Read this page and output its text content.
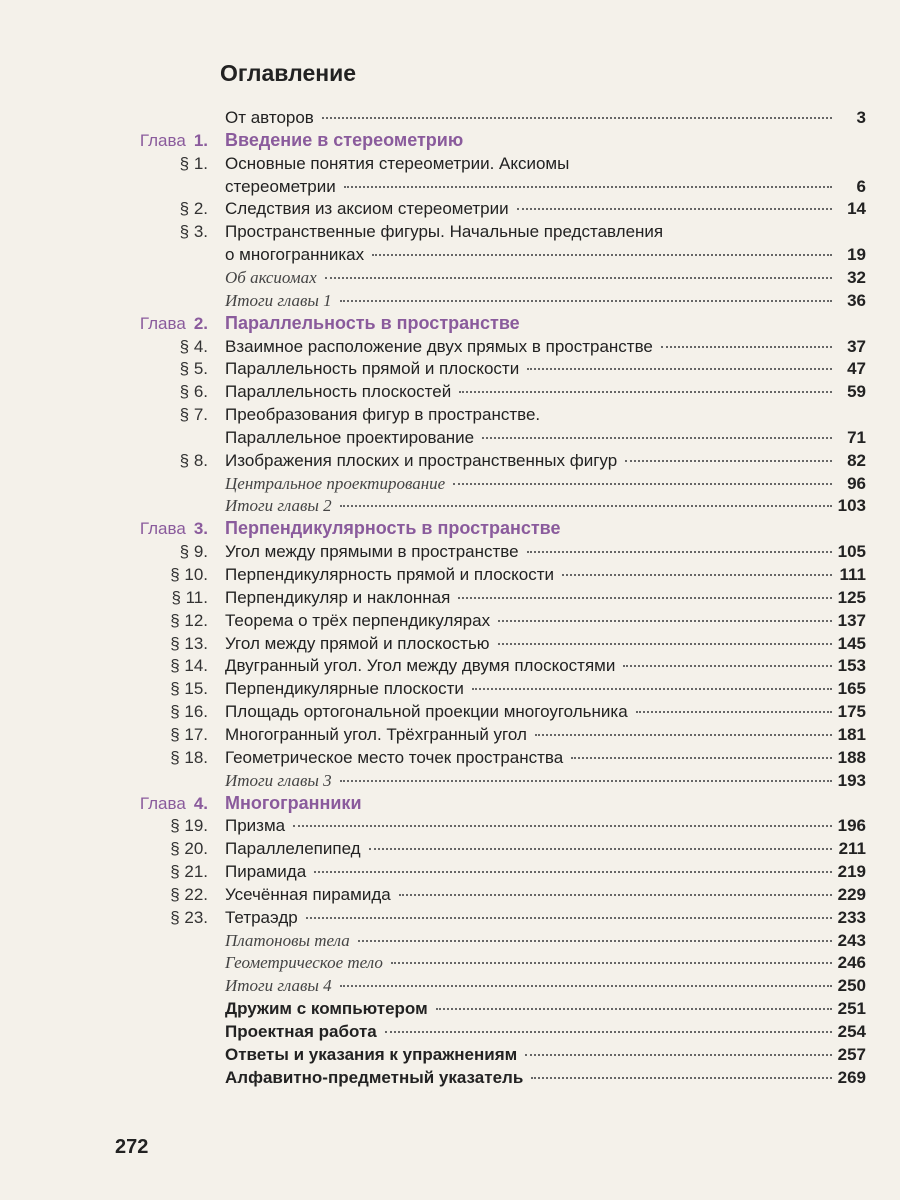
Оглавление
От авторов	3
Глава 1. Введение в стереометрию
§ 1. Основные понятия стереометрии. Аксиомы
стереометрии	6
§ 2. Следствия из аксиом стереометрии	14
§ 3. Пространственные фигуры. Начальные представления
о многогранниках	19
Об аксиомах	32
Итоги главы 1	36
Глава 2. Параллельность в пространстве
§ 4. Взаимное расположение двух прямых в пространстве	37
§ 5. Параллельность прямой и плоскости	47
§ 6. Параллельность плоскостей	59
§ 7. Преобразования фигур в пространстве.
Параллельное проектирование	71
§ 8. Изображения плоских и пространственных фигур	82
Центральное проектирование	96
Итоги главы 2	103
Глава 3. Перпендикулярность в пространстве
§ 9. Угол между прямыми в пространстве	105
§ 10. Перпендикулярность прямой и плоскости	111
§ 11. Перпендикуляр и наклонная	125
§ 12. Теорема о трёх перпендикулярах	137
§ 13. Угол между прямой и плоскостью	145
§ 14. Двугранный угол. Угол между двумя плоскостями	153
§ 15. Перпендикулярные плоскости	165
§ 16. Площадь ортогональной проекции многоугольника	175
§ 17. Многогранный угол. Трёхгранный угол	181
§ 18. Геометрическое место точек пространства	188
Итоги главы 3	193
Глава 4. Многогранники
§ 19. Призма	196
§ 20. Параллелепипед	211
§ 21. Пирамида	219
§ 22. Усечённая пирамида	229
§ 23. Тетраэдр	233
Платоновы тела	243
Геометрическое тело	246
Итоги главы 4	250
Дружим с компьютером	251
Проектная работа	254
Ответы и указания к упражнениям	257
Алфавитно-предметный указатель	269
272
